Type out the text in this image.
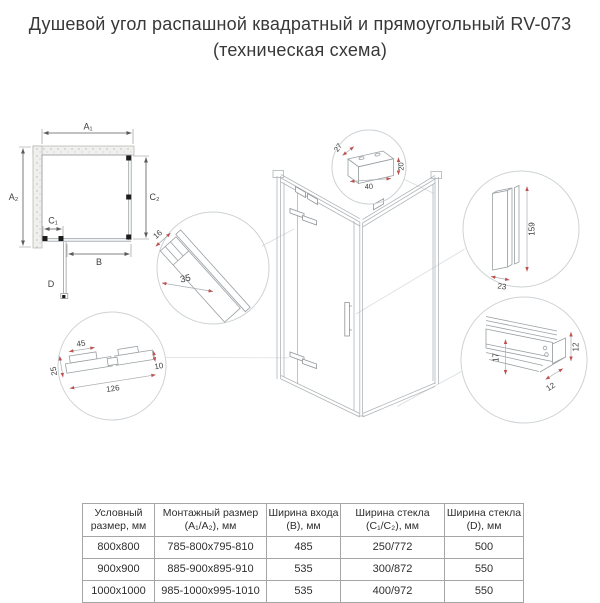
Душевой угол распашной квадратный и прямоугольный RV-073
(техническая схема)
A₁
A₂	C₂
C₁
B
D
45
25
126
10
16
35
27
20
40
159
23
17
12
12
Условный размер, мм	Монтажный размер (A₁/A₂), мм	Ширина входа (B), мм	Ширина стекла (C₁/C₂), мм	Ширина стекла (D), мм
800x800	785-800x795-810	485	250/772	500
900x900	885-900x895-910	535	300/872	550
1000x1000	985-1000x995-1010	535	400/972	550
